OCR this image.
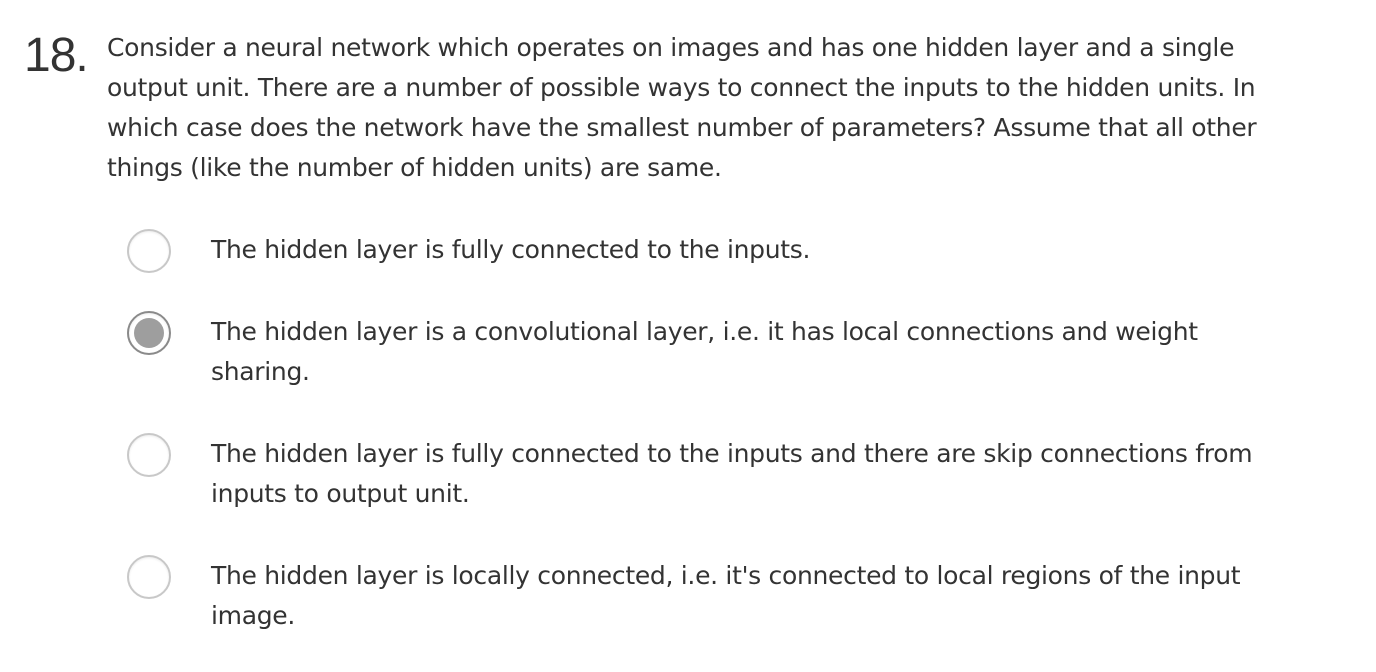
18. Consider a neural network which operates on images and has one hidden layer and a single output unit. There are a number of possible ways to connect the inputs to the hidden units. In which case does the network have the smallest number of parameters? Assume that all other things (like the number of hidden units) are same.

The hidden layer is fully connected to the inputs.
The hidden layer is a convolutional layer, i.e. it has local connections and weight sharing.
The hidden layer is fully connected to the inputs and there are skip connections from inputs to output unit.
The hidden layer is locally connected, i.e. it's connected to local regions of the input image.
